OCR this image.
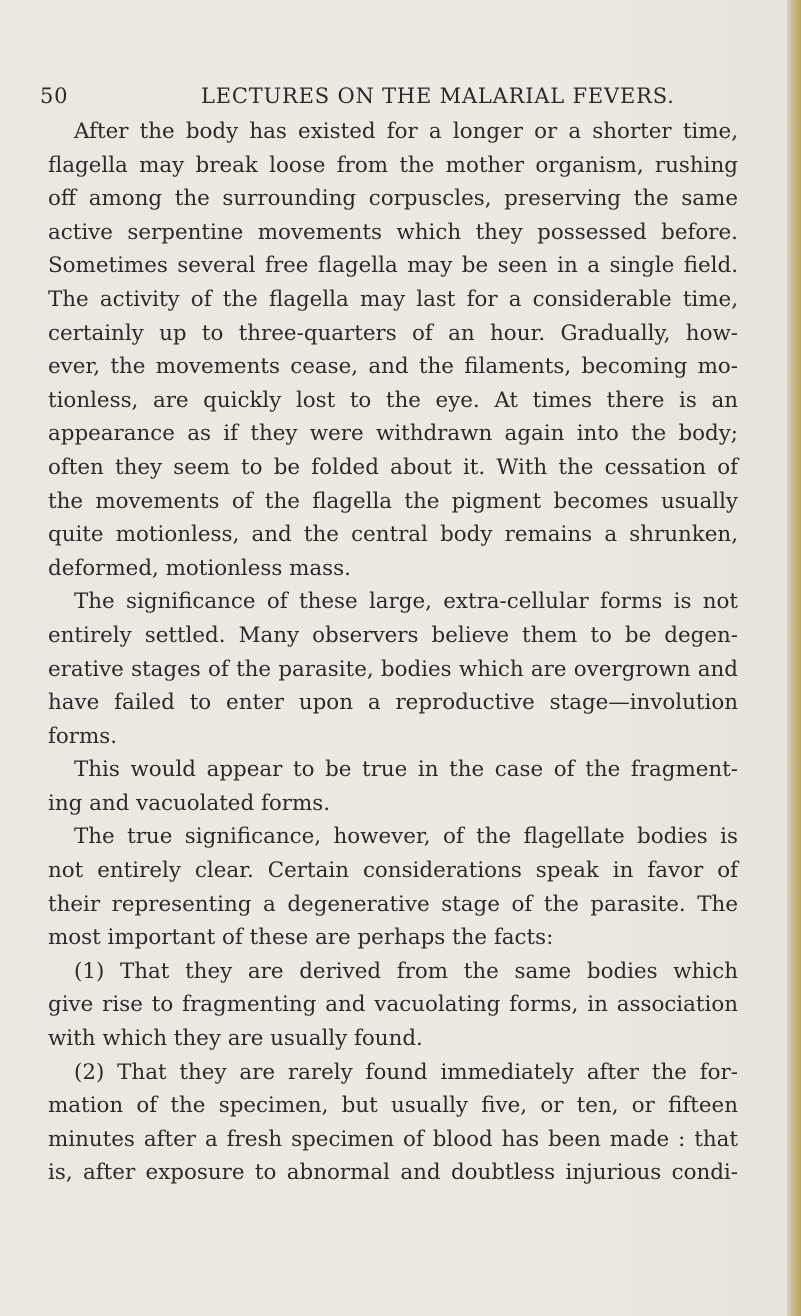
50	LECTURES ON THE MALARIAL FEVERS.
After the body has existed for a longer or a shorter time,
flagella may break loose from the mother organism, rushing
off among the surrounding corpuscles, preserving the same
active serpentine movements which they possessed before.
Sometimes several free flagella may be seen in a single field.
The activity of the flagella may last for a considerable time,
certainly up to three-quarters of an hour. Gradually, how-
ever, the movements cease, and the filaments, becoming mo-
tionless, are quickly lost to the eye. At times there is an
appearance as if they were withdrawn again into the body;
often they seem to be folded about it. With the cessation of
the movements of the flagella the pigment becomes usually
quite motionless, and the central body remains a shrunken,
deformed, motionless mass.
The significance of these large, extra-cellular forms is not
entirely settled. Many observers believe them to be degen-
erative stages of the parasite, bodies which are overgrown and
have failed to enter upon a reproductive stage—involution
forms.
This would appear to be true in the case of the fragment-
ing and vacuolated forms.
The true significance, however, of the flagellate bodies is
not entirely clear. Certain considerations speak in favor of
their representing a degenerative stage of the parasite. The
most important of these are perhaps the facts:
(1) That they are derived from the same bodies which
give rise to fragmenting and vacuolating forms, in association
with which they are usually found.
(2) That they are rarely found immediately after the for-
mation of the specimen, but usually five, or ten, or fifteen
minutes after a fresh specimen of blood has been made : that
is, after exposure to abnormal and doubtless injurious condi-
